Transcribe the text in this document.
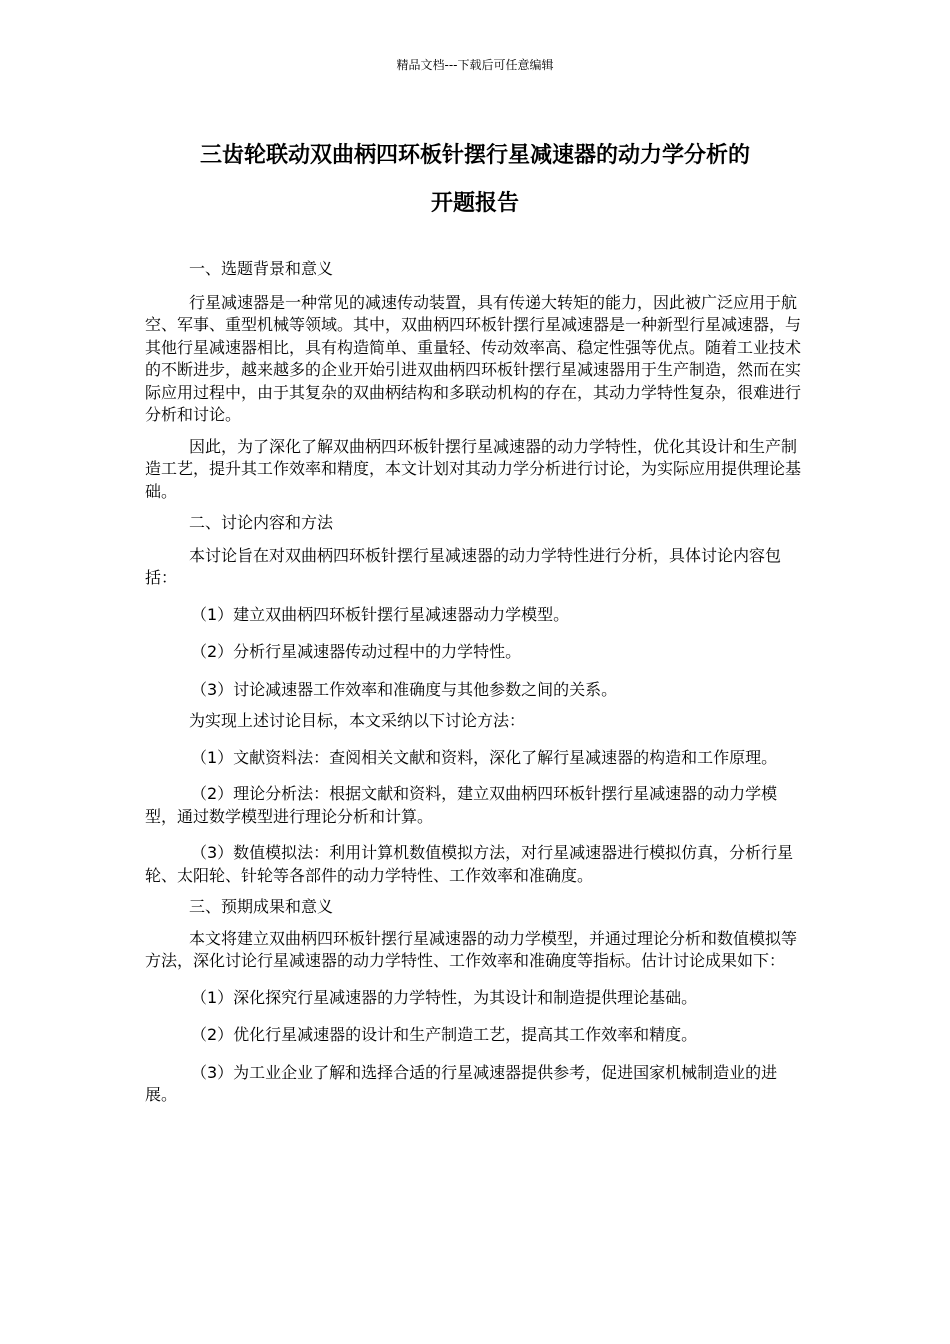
精品文档---下载后可任意编辑
三齿轮联动双曲柄四环板针摆行星减速器的动力学分析的
开题报告

一、选题背景和意义

行星减速器是一种常见的减速传动装置，具有传递大转矩的能力，因此被广泛应用于航空、军事、重型机械等领域。其中，双曲柄四环板针摆行星减速器是一种新型行星减速器，与其他行星减速器相比，具有构造简单、重量轻、传动效率高、稳定性强等优点。随着工业技术的不断进步，越来越多的企业开始引进双曲柄四环板针摆行星减速器用于生产制造，然而在实际应用过程中，由于其复杂的双曲柄结构和多联动机构的存在，其动力学特性复杂，很难进行分析和讨论。

因此，为了深化了解双曲柄四环板针摆行星减速器的动力学特性，优化其设计和生产制造工艺，提升其工作效率和精度，本文计划对其动力学分析进行讨论，为实际应用提供理论基础。

二、讨论内容和方法

本讨论旨在对双曲柄四环板针摆行星减速器的动力学特性进行分析，具体讨论内容包括：

（1）建立双曲柄四环板针摆行星减速器动力学模型。

（2）分析行星减速器传动过程中的力学特性。

（3）讨论减速器工作效率和准确度与其他参数之间的关系。

为实现上述讨论目标，本文采纳以下讨论方法：

（1）文献资料法：查阅相关文献和资料，深化了解行星减速器的构造和工作原理。

（2）理论分析法：根据文献和资料，建立双曲柄四环板针摆行星减速器的动力学模型，通过数学模型进行理论分析和计算。

（3）数值模拟法：利用计算机数值模拟方法，对行星减速器进行模拟仿真，分析行星轮、太阳轮、针轮等各部件的动力学特性、工作效率和准确度。

三、预期成果和意义

本文将建立双曲柄四环板针摆行星减速器的动力学模型，并通过理论分析和数值模拟等方法，深化讨论行星减速器的动力学特性、工作效率和准确度等指标。估计讨论成果如下：

（1）深化探究行星减速器的力学特性，为其设计和制造提供理论基础。

（2）优化行星减速器的设计和生产制造工艺，提高其工作效率和精度。

（3）为工业企业了解和选择合适的行星减速器提供参考，促进国家机械制造业的进展。
